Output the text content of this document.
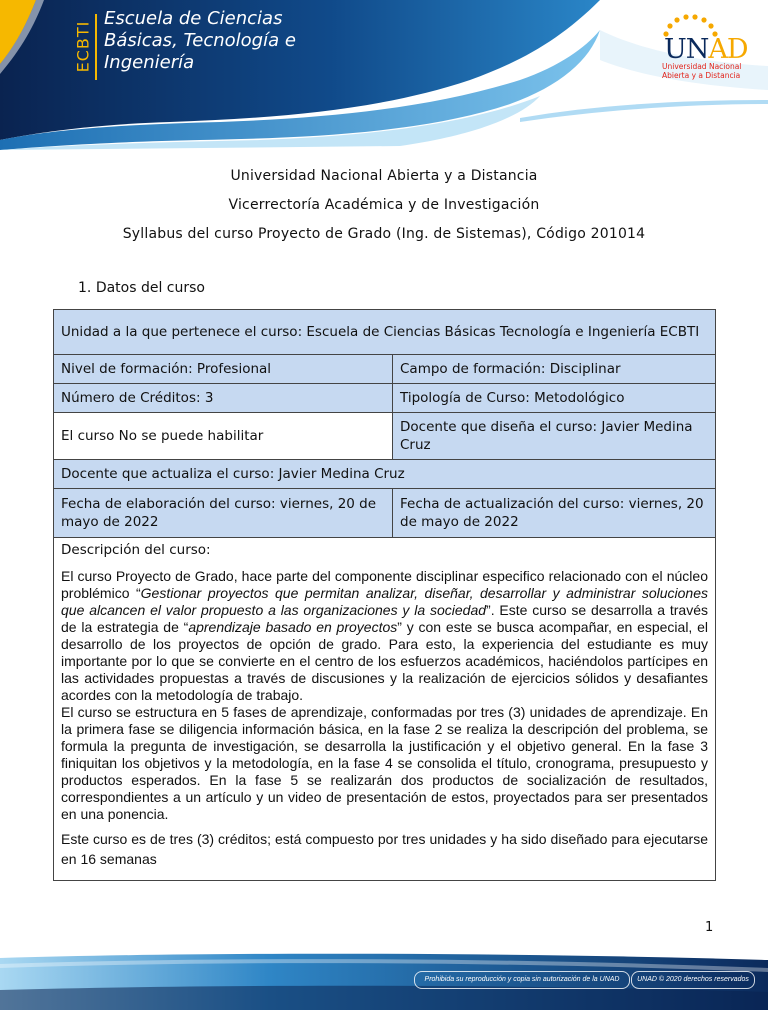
ECBTI
Escuela de Ciencias
Básicas, Tecnología e
Ingeniería	UNAD
Universidad Nacional
Abierta y a Distancia
Universidad Nacional Abierta y a Distancia
Vicerrectoría Académica y de Investigación
Syllabus del curso Proyecto de Grado (Ing. de Sistemas), Código 201014
1. Datos del curso
Unidad a la que pertenece el curso: Escuela de Ciencias Básicas Tecnología e Ingeniería ECBTI	
Nivel de formación: Profesional	Campo de formación: Disciplinar
Número de Créditos: 3	Tipología de Curso: Metodológico
El curso No se puede habilitar	Docente que diseña el curso: Javier Medina Cruz
Docente que actualiza el curso: Javier Medina Cruz	
Fecha de elaboración del curso: viernes, 20 de mayo de 2022	Fecha de actualización del curso: viernes, 20 de mayo de 2022

Descripción del curso:

El curso Proyecto de Grado, hace parte del componente disciplinar especifico relacionado con el núcleo problémico “Gestionar proyectos que permitan analizar, diseñar, desarrollar y administrar soluciones que alcancen el valor propuesto a las organizaciones y la sociedad”. Este curso se desarrolla a través de la estrategia de “aprendizaje basado en proyectos” y con este se busca acompañar, en especial, el desarrollo de los proyectos de opción de grado. Para esto, la experiencia del estudiante es muy importante por lo que se convierte en el centro de los esfuerzos académicos, haciéndolos partícipes en las actividades propuestas a través de discusiones y la realización de ejercicios sólidos y desafiantes acordes con la metodología de trabajo.

El curso se estructura en 5 fases de aprendizaje, conformadas por tres (3) unidades de aprendizaje. En la primera fase se diligencia información básica, en la fase 2 se realiza la descripción del problema, se formula la pregunta de investigación, se desarrolla la justificación y el objetivo general. En la fase 3 finiquitan los objetivos y la metodología, en la fase 4 se consolida el título, cronograma, presupuesto y productos esperados. En la fase 5 se realizarán dos productos de socialización de resultados, correspondientes a un artículo y un video de presentación de estos, proyectados para ser presentados en una ponencia.

Este curso es de tres (3) créditos; está compuesto por tres unidades y ha sido diseñado para ejecutarse en 16 semanas	

1
Prohibida su reproducción y copia sin autorización de la UNAD	UNAD © 2020 derechos reservados
